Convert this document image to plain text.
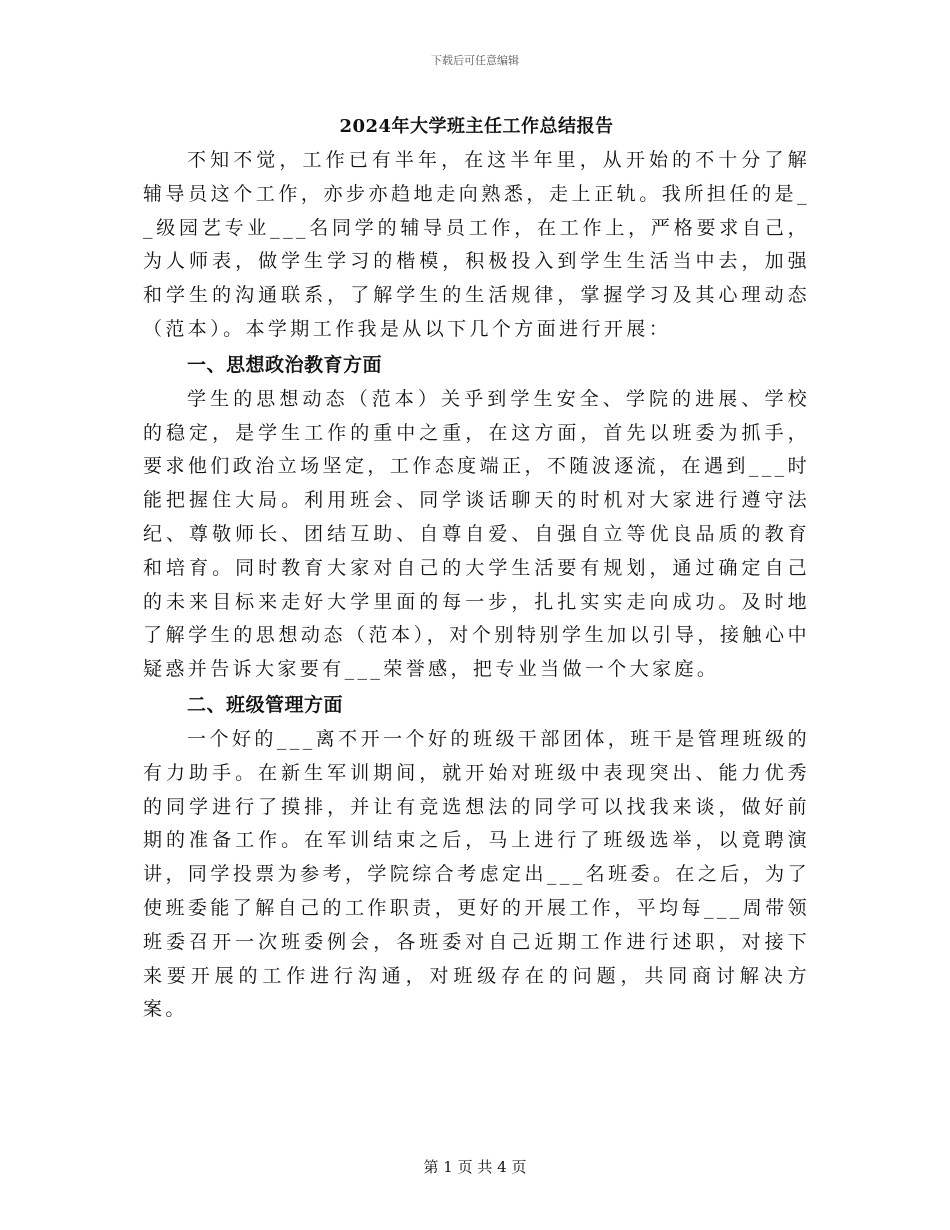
下载后可任意编辑
2024年大学班主任工作总结报告

不知不觉，工作已有半年，在这半年里，从开始的不十分了解辅导员这个工作，亦步亦趋地走向熟悉，走上正轨。我所担任的是__级园艺专业___名同学的辅导员工作，在工作上，严格要求自己，为人师表，做学生学习的楷模，积极投入到学生生活当中去，加强和学生的沟通联系，了解学生的生活规律，掌握学习及其心理动态（范本）。本学期工作我是从以下几个方面进行开展：

一、思想政治教育方面

学生的思想动态（范本）关乎到学生安全、学院的进展、学校的稳定，是学生工作的重中之重，在这方面，首先以班委为抓手，要求他们政治立场坚定，工作态度端正，不随波逐流，在遇到___时能把握住大局。利用班会、同学谈话聊天的时机对大家进行遵守法纪、尊敬师长、团结互助、自尊自爱、自强自立等优良品质的教育和培育。同时教育大家对自己的大学生活要有规划，通过确定自己的未来目标来走好大学里面的每一步，扎扎实实走向成功。及时地了解学生的思想动态（范本），对个别特别学生加以引导，接触心中疑惑并告诉大家要有___荣誉感，把专业当做一个大家庭。

二、班级管理方面

一个好的___离不开一个好的班级干部团体，班干是管理班级的有力助手。在新生军训期间，就开始对班级中表现突出、能力优秀的同学进行了摸排，并让有竞选想法的同学可以找我来谈，做好前期的准备工作。在军训结束之后，马上进行了班级选举，以竟聘演讲，同学投票为参考，学院综合考虑定出___名班委。在之后，为了使班委能了解自己的工作职责，更好的开展工作，平均每___周带领班委召开一次班委例会，各班委对自己近期工作进行述职，对接下来要开展的工作进行沟通，对班级存在的问题，共同商讨解决方案。

第 1 页 共 4 页
